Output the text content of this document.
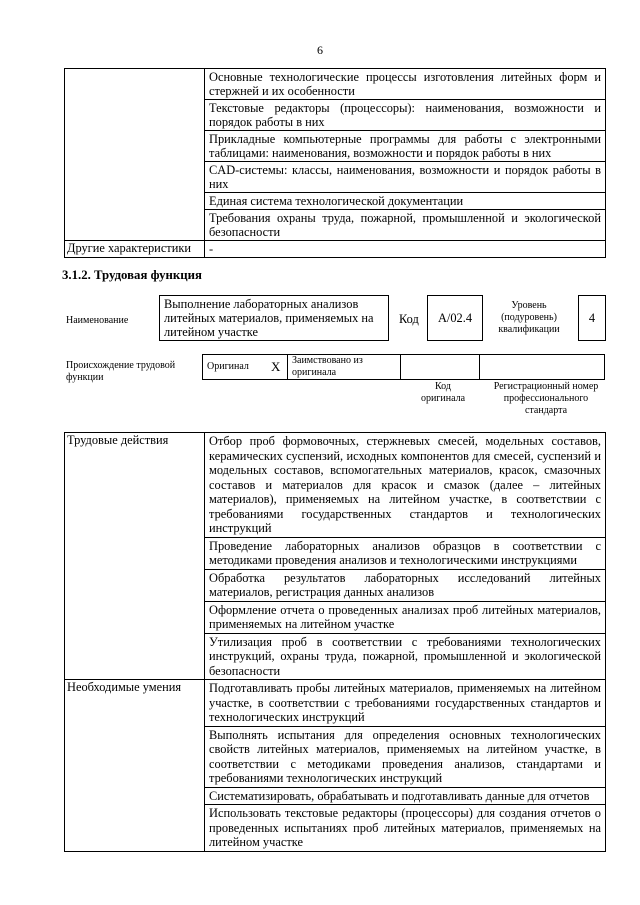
6
	Основные технологические процессы изготовления литейных форм и стержней и их особенности
	Текстовые редакторы (процессоры): наименования, возможности и порядок работы в них
	Прикладные компьютерные программы для работы с электронными таблицами: наименования, возможности и порядок работы в них
	CAD-системы: классы, наименования, возможности и порядок работы в них
	Единая система технологической документации
	Требования охраны труда, пожарной, промышленной и экологической безопасности
Другие характеристики	-
3.1.2. Трудовая функция
Наименование
Выполнение лабораторных анализов литейных материалов, применяемых на литейном участке
Код	A/02.4
Уровень (подуровень) квалификации
4
Происхождение трудовой функции
Оригинал	X	Заимствовано из оригинала		
Код оригинала
Регистрационный номер профессионального стандарта
Трудовые действия	Отбор проб формовочных, стержневых смесей, модельных составов, керамических суспензий, исходных компонентов для смесей, суспензий и модельных составов, вспомогательных материалов, красок, смазочных составов и материалов для красок и смазок (далее – литейных материалов), применяемых на литейном участке, в соответствии с требованиями государственных стандартов и технологических инструкций
	Проведение лабораторных анализов образцов в соответствии с методиками проведения анализов и технологическими инструкциями
	Обработка результатов лабораторных исследований литейных материалов, регистрация данных анализов
	Оформление отчета о проведенных анализах проб литейных материалов, применяемых на литейном участке
	Утилизация проб в соответствии с требованиями технологических инструкций, охраны труда, пожарной, промышленной и экологической безопасности
Необходимые умения	Подготавливать пробы литейных материалов, применяемых на литейном участке, в соответствии с требованиями государственных стандартов и технологических инструкций
	Выполнять испытания для определения основных технологических свойств литейных материалов, применяемых на литейном участке, в соответствии с методиками проведения анализов, стандартами и требованиями технологических инструкций
	Систематизировать, обрабатывать и подготавливать данные для отчетов
	Использовать текстовые редакторы (процессоры) для создания отчетов о проведенных испытаниях проб литейных материалов, применяемых на литейном участке
